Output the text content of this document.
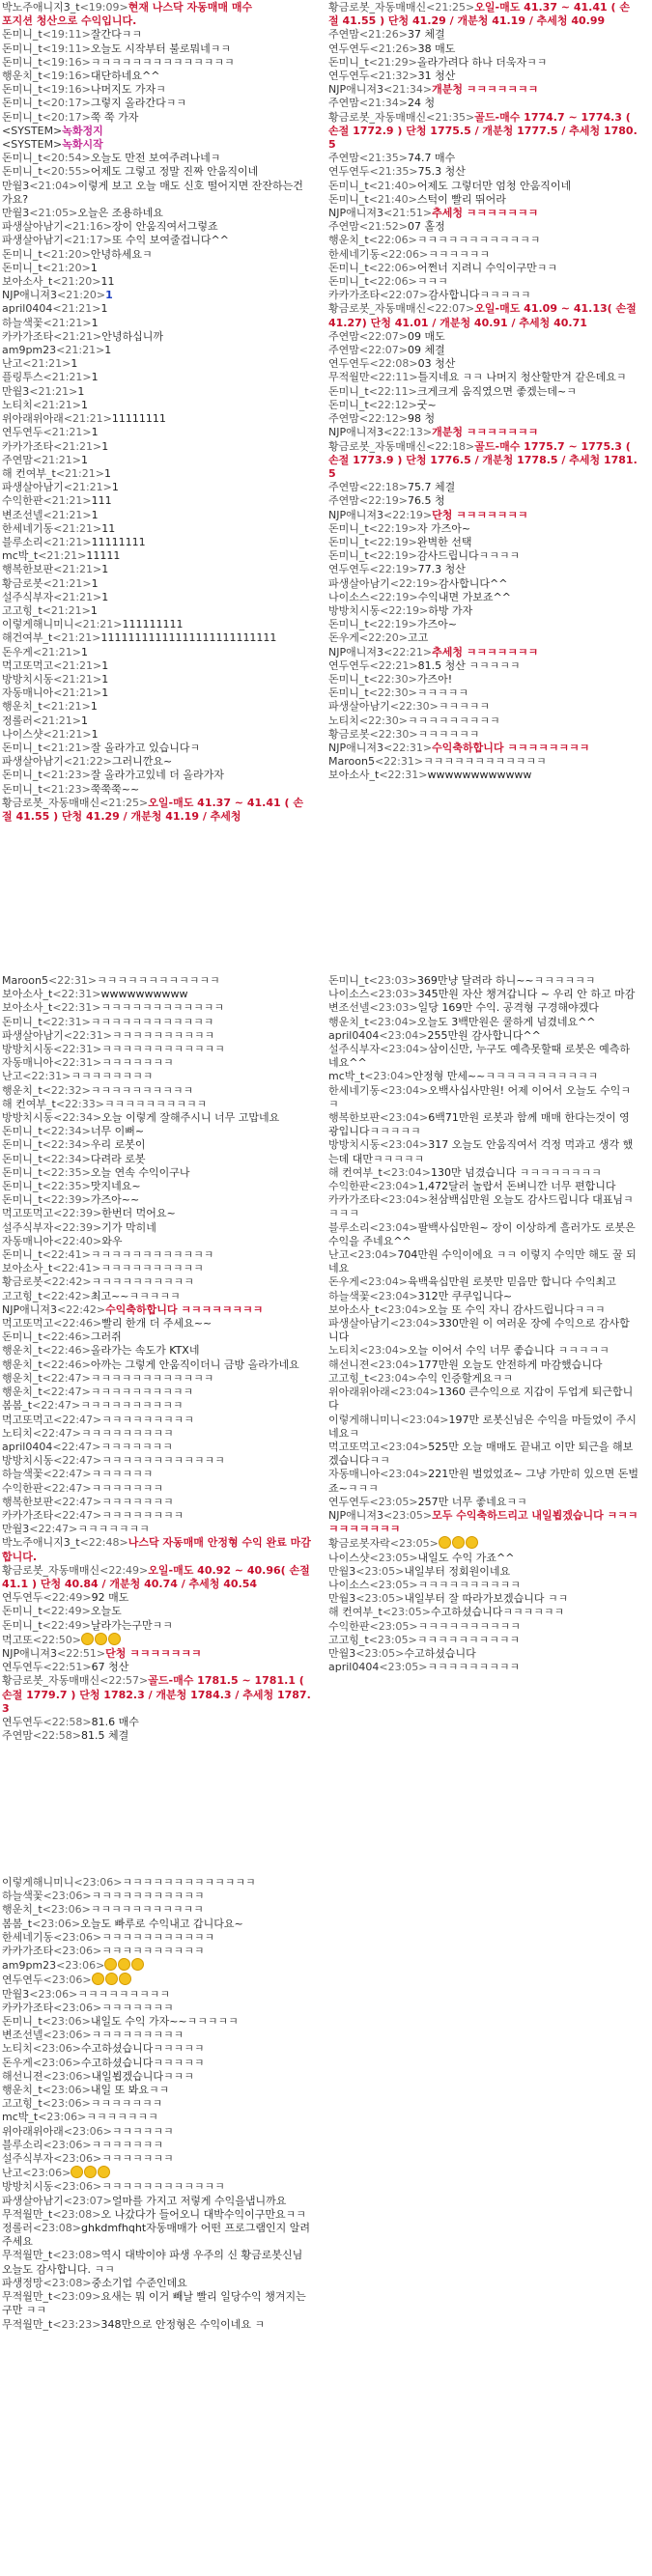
박노주애니지3_t<19:09>현재 나스닥 자동매매 매수
포지션 청산으로 수익입니다.
돈미니_t<19:11>잘간다ㅋㅋ
돈미니_t<19:11>오늘도 시작부터 불로뭐네ㅋㅋ
돈미니_t<19:16>ㅋㅋㅋㅋㅋㅋㅋㅋㅋㅋㅋㅋㅋㅋ
행운치_t<19:16>대단하네요^^
돈미니_t<19:16>나머지도 가자ㅋ
돈미니_t<20:17>그렇지 올라간다ㅋㅋ
돈미니_t<20:17>쭉 쭉 가자
<SYSTEM>녹화정지
<SYSTEM>녹화시작
돈미니_t<20:54>오늘도 만전 보여주려나네ㅋ
돈미니_t<20:55>어제도 그렇고 정말 진짜 안움직이네
만월3<21:04>이렇게 보고 오늘 매도 신호 떨어지면 잔잔하는건가요?
만월3<21:05>오늘은 조용하네요
파생살아남기<21:16>장이 안움직여서그렇죠
파생살아남기<21:17>또 수익 보여줄겁니다^^
돈미니_t<21:20>안녕하세요ㅋ
돈미니_t<21:20>1
보아소사_t<21:20>11
NJP애니져3<21:20>1
april0404<21:21>1
하늘색꽃<21:21>1
카카가조타<21:21>안녕하십니까
am9pm23<21:21>1
난고<21:21>1
플링투스<21:21>1
만월3<21:21>1
노티치<21:21>1
위아래위아래<21:21>11111111
연두연두<21:21>1
카카가조타<21:21>1
주연맘<21:21>1
해 컨여부_t<21:21>1
파생살아남기<21:21>1
수익한판<21:21>111
변조선넬<21:21>1
한세네기동<21:21>11
블루소리<21:21>11111111
mc박_t<21:21>11111
행복한보판<21:21>1
황금로봇<21:21>1
설주식부자<21:21>1
고고힝_t<21:21>1
이렇게해니미니<21:21>111111111
해건여부_t<21:21>11111111111111111111111111
돈우게<21:21>1
먹고또먹고<21:21>1
방방치시동<21:21>1
자동매니아<21:21>1
행운치_t<21:21>1
정롤러<21:21>1
나이스샷<21:21>1
돈미니_t<21:21>잘 올라가고 있습니다ㅋ
파생살아남기<21:22>그러니깐요~
돈미니_t<21:23>잘 올라가고있네 더 올라가자
돈미니_t<21:23>쭉쭉쭉~~
황금로봇_자동매매신<21:25>오일-매도 41.37 ~ 41.41 ( 손절 41.55 ) 단청 41.29 / 개분청 41.19 / 추세청
황금로봇_자동매매신<21:25>오일-매도 41.37 ~ 41.41 ( 손절 41.55 ) 단청 41.29 / 개분청 41.19 / 추세청 40.99
주연맘<21:26>37 체결
연두연두<21:26>38 매도
돈미니_t<21:29>올라가려다 하나 더욱자ㅋㅋ
연두연두<21:32>31 청산
NJP애니져3<21:34>개분청 ㅋㅋㅋㅋㅋㅋㅋ
주연맘<21:34>24 청
황금로봇_자동매매신<21:35>골드-매수 1774.7 ~ 1774.3 ( 손절 1772.9 ) 단청 1775.5 / 개분청 1777.5 / 추세청 1780.5
주연맘<21:35>74.7 매수
연두연두<21:35>75.3 청산
돈미니_t<21:40>어제도 그렇더만 엄청 안움직이네
돈미니_t<21:40>스턱이 빨리 뛰어라
NJP애니져3<21:51>추세청 ㅋㅋㅋㅋㅋㅋㅋ
주연맘<21:52>07 홀정
행운치_t<22:06>ㅋㅋㅋㅋㅋㅋㅋㅋㅋㅋㅋㅋ
한세네기동<22:06>ㅋㅋㅋㅋㅋㅋ
돈미니_t<22:06>어쩐너 지려니 수익이구만ㅋㅋ
돈미니_t<22:06>ㅋㅋㅋ
카카가조타<22:07>감사합니다ㅋㅋㅋㅋㅋ
황금로봇_자동매매신<22:07>오일-매도 41.09 ~ 41.13( 손절 41.27) 단청 41.01 / 개분청 40.91 / 추세청 40.71
주연맘<22:07>09 매도
주연맘<22:07>09 체결
연두연두<22:08>03 청산
무적월만<22:11>틀지네요 ㅋㅋ 나머지 청산할만겨 같은데요ㅋ
돈미니_t<22:11>크게크게 움직였으면 좋겠는데~ㅋ
돈미니_t<22:12>굿~
주연맘<22:12>98 청
NJP애니져3<22:13>개분청 ㅋㅋㅋㅋㅋㅋㅋ
황금로봇_자동매매신<22:18>골드-매수 1775.7 ~ 1775.3 ( 손절 1773.9 ) 단청 1776.5 / 개분청 1778.5 / 추세청 1781.5
주연맘<22:18>75.7 체결
주연맘<22:19>76.5 청
NJP애니져3<22:19>단청 ㅋㅋㅋㅋㅋㅋㅋ
돈미니_t<22:19>자 가즈아~
돈미니_t<22:19>완벽한 선택
돈미니_t<22:19>감사드립니다ㅋㅋㅋㅋ
연두연두<22:19>77.3 청산
파생살아남기<22:19>감사합니다^^
나이소스<22:19>수익내면 가보죠^^
방방치시동<22:19>하방 가자
돈미니_t<22:19>가즈아~
돈우게<22:20>고고
NJP애니져3<22:21>추세청 ㅋㅋㅋㅋㅋㅋㅋ
연두연두<22:21>81.5 청산 ㅋㅋㅋㅋㅋ
돈미니_t<22:30>가즈아!
돈미니_t<22:30>ㅋㅋㅋㅋㅋ
파생살아남기<22:30>ㅋㅋㅋㅋㅋ
노티치<22:30>ㅋㅋㅋㅋㅋㅋㅋㅋㅋ
황금로봇<22:30>ㅋㅋㅋㅋㅋㅋ
NJP애니져3<22:31>수익축하합니다 ㅋㅋㅋㅋㅋㅋㅋㅋ
Maroon5<22:31>ㅋㅋㅋㅋㅋㅋㅋㅋㅋㅋㅋㅋ
보아소사_t<22:31>wwwwwwwwwwww
Maroon5<22:31>ㅋㅋㅋㅋㅋㅋㅋㅋㅋㅋㅋㅋ
보아소사_t<22:31>wwwwwwwwww
보아소사_t<22:31>ㅋㅋㅋㅋㅋㅋㅋㅋㅋㅋㅋㅋ
돈미니_t<22:31>ㅋㅋㅋㅋㅋㅋㅋㅋㅋㅋㅋㅋ
파생살아남기<22:31>ㅋㅋㅋㅋㅋㅋㅋㅋㅋㅋ
방방치시동<22:31>ㅋㅋㅋㅋㅋㅋㅋㅋㅋㅋㅋㅋ
자동매니아<22:31>ㅋㅋㅋㅋㅋㅋㅋ
난고<22:31>ㅋㅋㅋㅋㅋㅋㅋㅋ
행운치_t<22:32>ㅋㅋㅋㅋㅋㅋㅋㅋㅋㅋ
해 컨여부_t<22:33>ㅋㅋㅋㅋㅋㅋㅋㅋㅋㅋ
방방치시동<22:34>오늘 이렇게 잘해주시니 너무 고맙네요
돈미니_t<22:34>너무 이뻐~
돈미니_t<22:34>우리 로봇이
돈미니_t<22:34>다려라 로봇
돈미니_t<22:35>오늘 연속 수익이구나
돈미니_t<22:35>맛지네요~
돈미니_t<22:39>가즈아~~
먹고또먹고<22:39>한번더 먹어요~
설주식부자<22:39>기가 막히네
자동매니아<22:40>와우
돈미니_t<22:41>ㅋㅋㅋㅋㅋㅋㅋㅋㅋㅋㅋㅋ
보아소사_t<22:41>ㅋㅋㅋㅋㅋㅋㅋㅋㅋㅋ
황금로봇<22:42>ㅋㅋㅋㅋㅋㅋㅋㅋㅋㅋ
고고힝_t<22:42>최고~~ㅋㅋㅋㅋㅋ
NJP애니져3<22:42>수익축하합니다 ㅋㅋㅋㅋㅋㅋㅋㅋ
먹고또먹고<22:46>빨리 한개 더 주세요~~
돈미니_t<22:46>그러쥐
행운치_t<22:46>올라가는 속도가 KTX네
행운치_t<22:46>아까는 그렇게 안움직이더니 금방 올라가네요
행운치_t<22:47>ㅋㅋㅋㅋㅋㅋㅋㅋㅋㅋㅋㅋ
행운치_t<22:47>ㅋㅋㅋㅋㅋㅋㅋㅋㅋㅋ
봄봄_t<22:47>ㅋㅋㅋㅋㅋㅋㅋㅋㅋㅋ
먹고또먹고<22:47>ㅋㅋㅋㅋㅋㅋㅋㅋㅋ
노티치<22:47>ㅋㅋㅋㅋㅋㅋㅋㅋㅋ
april0404<22:47>ㅋㅋㅋㅋㅋㅋㅋ
방방치시동<22:47>ㅋㅋㅋㅋㅋㅋㅋㅋㅋㅋㅋㅋ
하늘색꽃<22:47>ㅋㅋㅋㅋㅋㅋ
수익한판<22:47>ㅋㅋㅋㅋㅋㅋㅋ
행복한보판<22:47>ㅋㅋㅋㅋㅋㅋㅋ
카카가조타<22:47>ㅋㅋㅋㅋㅋㅋㅋㅋ
만월3<22:47>ㅋㅋㅋㅋㅋㅋㅋ
박노주애니지3_t<22:48>나스닥 자동매매 안정형 수익 완료 마감합니다.
황금로봇_자동매매신<22:49>오일-매도 40.92 ~ 40.96( 손절 41.1 ) 단청 40.84 / 개분청 40.74 / 추세청 40.54
연두연두<22:49>92 매도
돈미니_t<22:49>오늘도
돈미니_t<22:49>날라가는구만ㅋㅋ
먹고또<22:50>
NJP애니져3<22:51>단청 ㅋㅋㅋㅋㅋㅋㅋ
연두연두<22:51>67 청산
황금로봇_자동매매신<22:57>골드-매수 1781.5 ~ 1781.1 ( 손절 1779.7 ) 단청 1782.3 / 개분청 1784.3 / 추세청 1787.3
연두연두<22:58>81.6 매수
주연맘<22:58>81.5 체결
돈미니_t<23:03>369만냥 달려라 하니~~ㅋㅋㅋㅋㅋㅋ
나이소스<23:03>345만원 자산 챙겨갑니다 ~ 우리 안 하고 마감
변조선넬<23:03>일당 169만 수익. 공격형 구경해야겠다
행운치_t<23:04>오늘도 3백만원은 쿨하게 넘겼네요^^
april0404<23:04>255만원 감사합니다^^
설주식부자<23:04>삼이신만, 누구도 예측못할때 로봇은 예측하네요^^
mc박_t<23:04>안정형 만세~~ㅋㅋㅋㅋㅋㅋㅋㅋㅋㅋㅋ
한세네기동<23:04>오백사십사만원! 어제 이어서 오늘도 수익ㅋㅋ
행복한보판<23:04>6백71만원 로봇과 함께 매매 한다는것이 영광입니다ㅋㅋㅋㅋㅋ
방방치시동<23:04>317 오늘도 안움직여서 걱정 먹과고 생각 했는데 대만ㅋㅋㅋㅋㅋ
해 컨여부_t<23:04>130만 넘겼습니다 ㅋㅋㅋㅋㅋㅋㅋㅋ
수익한판<23:04>1,472달러 놀랍서 돈벼니깐 너무 편합니다
카카가조타<23:04>천삼백십만원 오늘도 감사드립니다 대표님ㅋㅋㅋㅋ
블루소리<23:04>팔백사십만원~ 장이 이상하게 흘러가도 로봇은 수익을 주네요^^
난고<23:04>704만원 수익이에요 ㅋㅋ 이렇지 수익만 해도 꿀 되네요
돈우게<23:04>육백육십만원 로봇만 믿음만 합니다 수익최고
하늘색꽃<23:04>312만 쿠쿠입니다~
보아소사_t<23:04>오늘 또 수익 자니 감사드립니다ㅋㅋㅋ
파생살아남기<23:04>330만원 이 여러운 장에 수익으로 감사합니다
노티치<23:04>오늘 이어서 수익 너무 좋습니다 ㅋㅋㅋㅋㅋ
해선니젼<23:04>177만원 오늘도 안전하게 마감했습니다
고고힝_t<23:04>수익 인증할게요ㅋㅋ
위아래위아래<23:04>1360 큰수익으로 지갑이 두업게 퇴근합니다
이렇게해니미니<23:04>197만 로봇신님은 수익을 마들었이 주시네요ㅋ
먹고또먹고<23:04>525만 오늘 매매도 끝내고 이만 퇴근을 해보겠습니다ㅋㅋ
자동매니아<23:04>221만원 벌었었죠~ 그냥 가만히 있으면 돈벌죠~ㅋㅋㅋ
연두연두<23:05>257만 너무 좋네요ㅋㅋ
NJP애니져3<23:05>모두 수익축하드리고 내일뵙겠습니다 ㅋㅋㅋㅋㅋㅋㅋㅋㅋㅋ
황금로봇자락<23:05>
나이스샷<23:05>내일도 수익 가죠^^
만월3<23:05>내일부터 정회원이네요
나이소스<23:05>ㅋㅋㅋㅋㅋㅋㅋㅋㅋㅋ
만월3<23:05>내일부터 잘 따라가보겠습니다 ㅋㅋ
해 컨여부_t<23:05>수고하셨습니다ㅋㅋㅋㅋㅋㅋ
수익한판<23:05>ㅋㅋㅋㅋㅋㅋㅋㅋㅋㅋ
고고힝_t<23:05>ㅋㅋㅋㅋㅋㅋㅋㅋㅋㅋ
만월3<23:05>수고하셨습니다
april0404<23:05>ㅋㅋㅋㅋㅋㅋㅋㅋㅋ
이렇게해니미니<23:06>ㅋㅋㅋㅋㅋㅋㅋㅋㅋㅋㅋㅋㅋ
하늘색꽃<23:06>ㅋㅋㅋㅋㅋㅋㅋㅋㅋㅋㅋ
행운치_t<23:06>ㅋㅋㅋㅋㅋㅋㅋㅋㅋㅋㅋ
봄봄_t<23:06>오늘도 빠루로 수익내고 갑니다요~
한세네기동<23:06>ㅋㅋㅋㅋㅋㅋㅋㅋㅋㅋㅋ
카카가조타<23:06>ㅋㅋㅋㅋㅋㅋㅋㅋㅋㅋ
am9pm23<23:06>
연두연두<23:06>
만월3<23:06>ㅋㅋㅋㅋㅋㅋㅋㅋㅋ
카카가조타<23:06>ㅋㅋㅋㅋㅋㅋㅋ
돈미니_t<23:06>내일도 수익 가자~~ㅋㅋㅋㅋㅋ
변조선넬<23:06>ㅋㅋㅋㅋㅋㅋㅋㅋㅋ
노티치<23:06>수고하셨습니다ㅋㅋㅋㅋㅋ
돈우게<23:06>수고하셨습니다ㅋㅋㅋㅋㅋ
해선니젼<23:06>내일뵙겠습니다ㅋㅋㅋ
행운치_t<23:06>내일 또 봐요ㅋㅋ
고고힝_t<23:06>ㅋㅋㅋㅋㅋㅋㅋ
mc박_t<23:06>ㅋㅋㅋㅋㅋㅋㅋ
위아래위아래<23:06>ㅋㅋㅋㅋㅋㅋ
블루소리<23:06>ㅋㅋㅋㅋㅋㅋㅋ
설주식부자<23:06>ㅋㅋㅋㅋㅋㅋㅋ
난고<23:06>
방방치시동<23:06>ㅋㅋㅋㅋㅋㅋㅋㅋㅋㅋㅋㅋ
파생살아남기<23:07>얼마를 가지고 저렇게 수익을냅니까요
무적월만_t<23:08>오 나갔다가 들어오니 대박수익이구만요ㅋㅋ
정롤러<23:08>ghkdmfhqht자동매매가 어떤 프로그램인지 알려주세요
무적월만_t<23:08>역시 대박이야 파생 우주의 신 황금로봇신님 오늘도 감사합니다. ㅋㅋ
파생정망<23:08>중소기업 수준인데요
무적월만_t<23:09>요새는 뭐 이거 빼날 빨리 일당수익 챙겨지는구만 ㅋㅋ
무적월만_t<23:23>348만으로 안정형은 수익이네요 ㅋ
